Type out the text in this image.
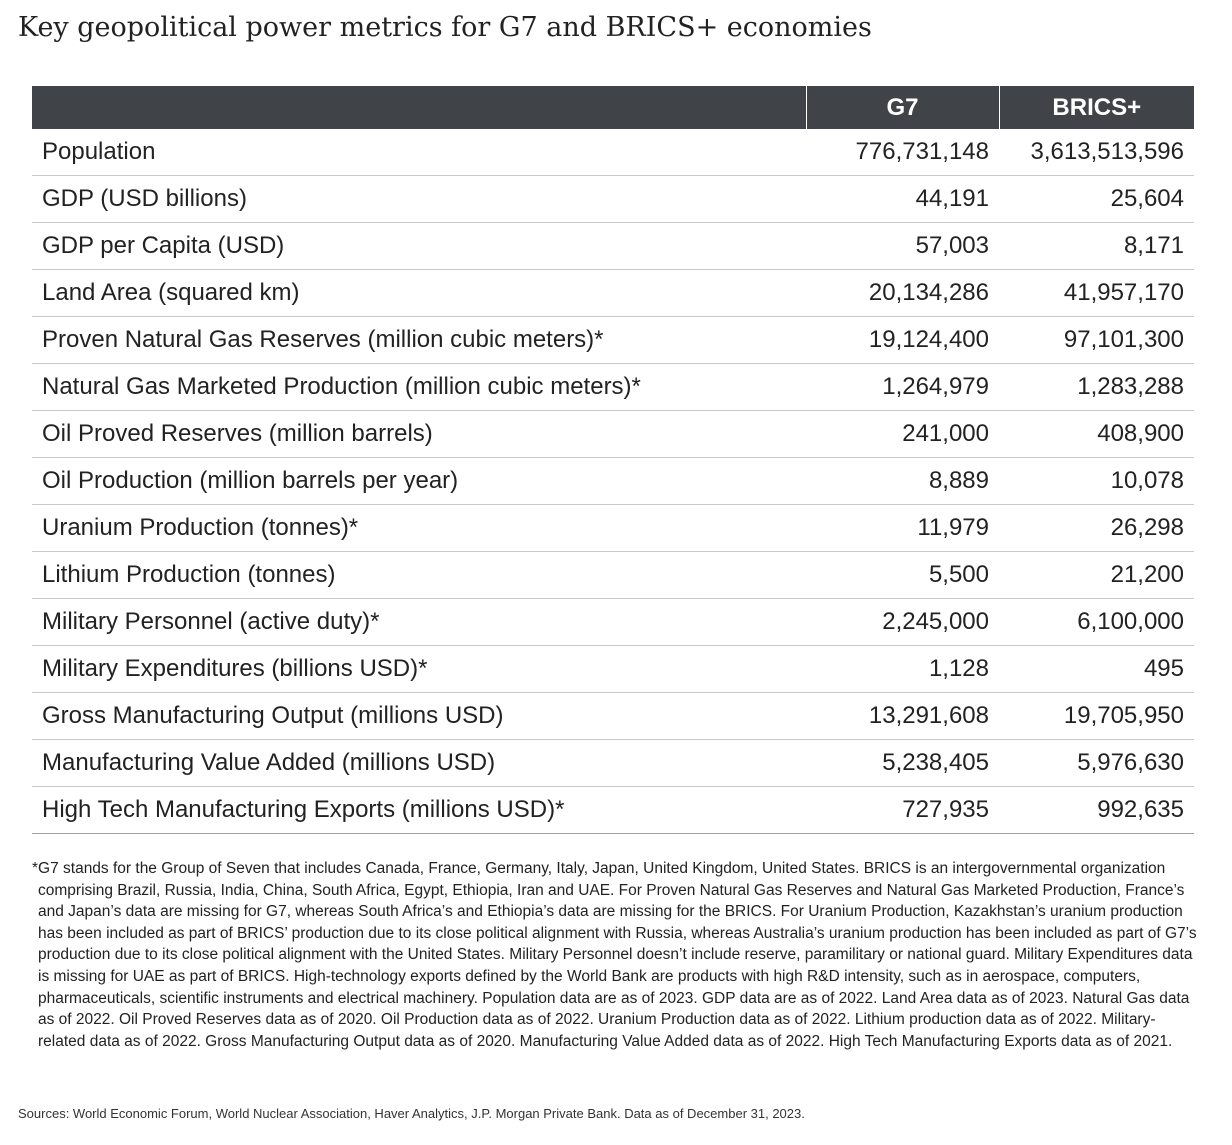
Key geopolitical power metrics for G7 and BRICS+ economies
	G7	BRICS+
Population	776,731,148	3,613,513,596
GDP (USD billions)	44,191	25,604
GDP per Capita (USD)	57,003	8,171
Land Area (squared km)	20,134,286	41,957,170
Proven Natural Gas Reserves (million cubic meters)*	19,124,400	97,101,300
Natural Gas Marketed Production (million cubic meters)*	1,264,979	1,283,288
Oil Proved Reserves (million barrels)	241,000	408,900
Oil Production (million barrels per year)	8,889	10,078
Uranium Production (tonnes)*	11,979	26,298
Lithium Production (tonnes)	5,500	21,200
Military Personnel (active duty)*	2,245,000	6,100,000
Military Expenditures (billions USD)*	1,128	495
Gross Manufacturing Output (millions USD)	13,291,608	19,705,950
Manufacturing Value Added (millions USD)	5,238,405	5,976,630
High Tech Manufacturing Exports (millions USD)*	727,935	992,635

*G7 stands for the Group of Seven that includes Canada, France, Germany, Italy, Japan, United Kingdom, United States. BRICS is an intergovernmental organization comprising Brazil, Russia, India, China, South Africa, Egypt, Ethiopia, Iran and UAE. For Proven Natural Gas Reserves and Natural Gas Marketed Production, France’s and Japan’s data are missing for G7, whereas South Africa’s and Ethiopia’s data are missing for the BRICS. For Uranium Production, Kazakhstan’s uranium production has been included as part of BRICS’ production due to its close political alignment with Russia, whereas Australia’s uranium production has been included as part of G7’s production due to its close political alignment with the United States. Military Personnel doesn’t include reserve, paramilitary or national guard. Military Expenditures data is missing for UAE as part of BRICS. High-technology exports defined by the World Bank are products with high R&D intensity, such as in aerospace, computers, pharmaceuticals, scientific instruments and electrical machinery. Population data are as of 2023. GDP data are as of 2022. Land Area data as of 2023. Natural Gas data as of 2022. Oil Proved Reserves data as of 2020. Oil Production data as of 2022. Uranium Production data as of 2022. Lithium production data as of 2022. Military-related data as of 2022. Gross Manufacturing Output data as of 2020. Manufacturing Value Added data as of 2022. High Tech Manufacturing Exports data as of 2021.

Sources: World Economic Forum, World Nuclear Association, Haver Analytics, J.P. Morgan Private Bank. Data as of December 31, 2023.
